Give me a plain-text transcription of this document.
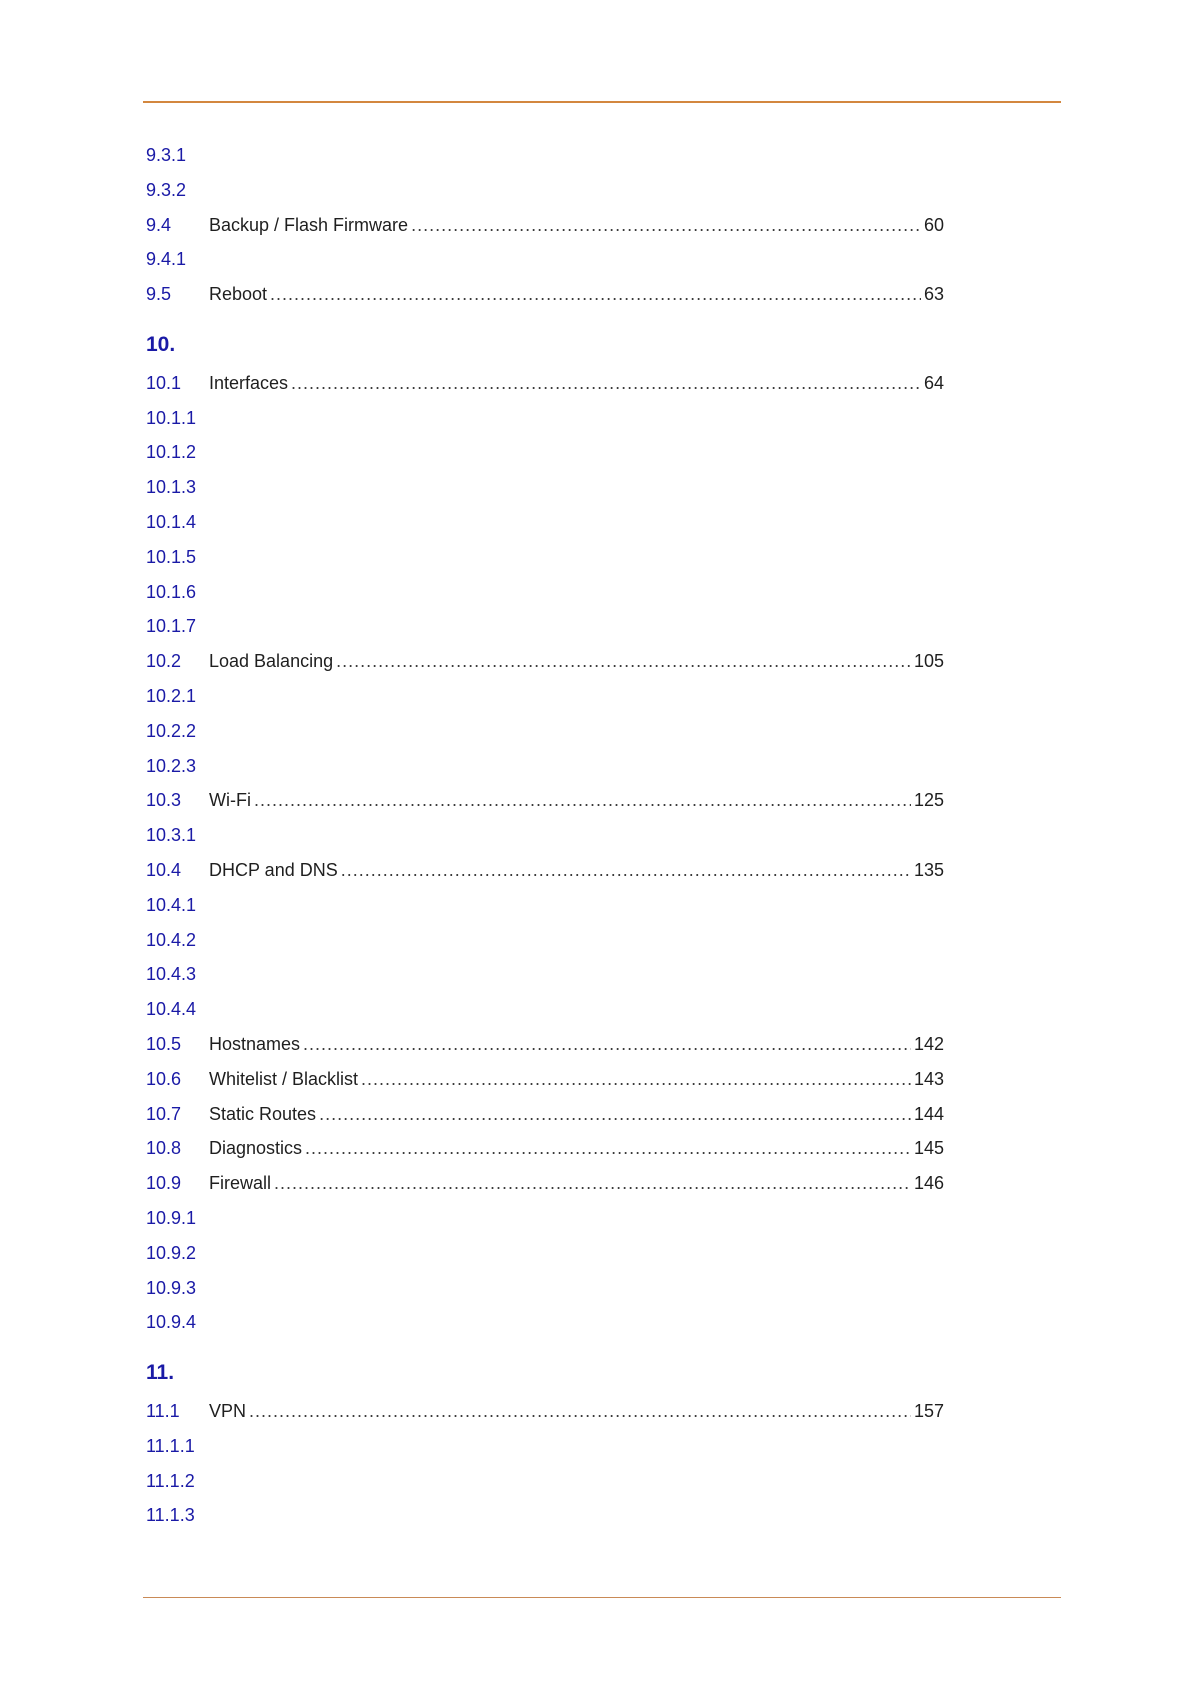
9.3.1
9.3.2
9.4	Backup / Flash Firmware .....	60
9.4.1
9.5	Reboot .....	63
10.
10.1	Interfaces .....	64
10.1.1
10.1.2
10.1.3
10.1.4
10.1.5
10.1.6
10.1.7
10.2	Load Balancing .....	105
10.2.1
10.2.2
10.2.3
10.3	Wi-Fi .....	125
10.3.1
10.4	DHCP and DNS .....	135
10.4.1
10.4.2
10.4.3
10.4.4
10.5	Hostnames .....	142
10.6	Whitelist / Blacklist .....	143
10.7	Static Routes .....	144
10.8	Diagnostics .....	145
10.9	Firewall .....	146
10.9.1
10.9.2
10.9.3
10.9.4
11.
11.1	VPN .....	157
11.1.1
11.1.2
11.1.3
